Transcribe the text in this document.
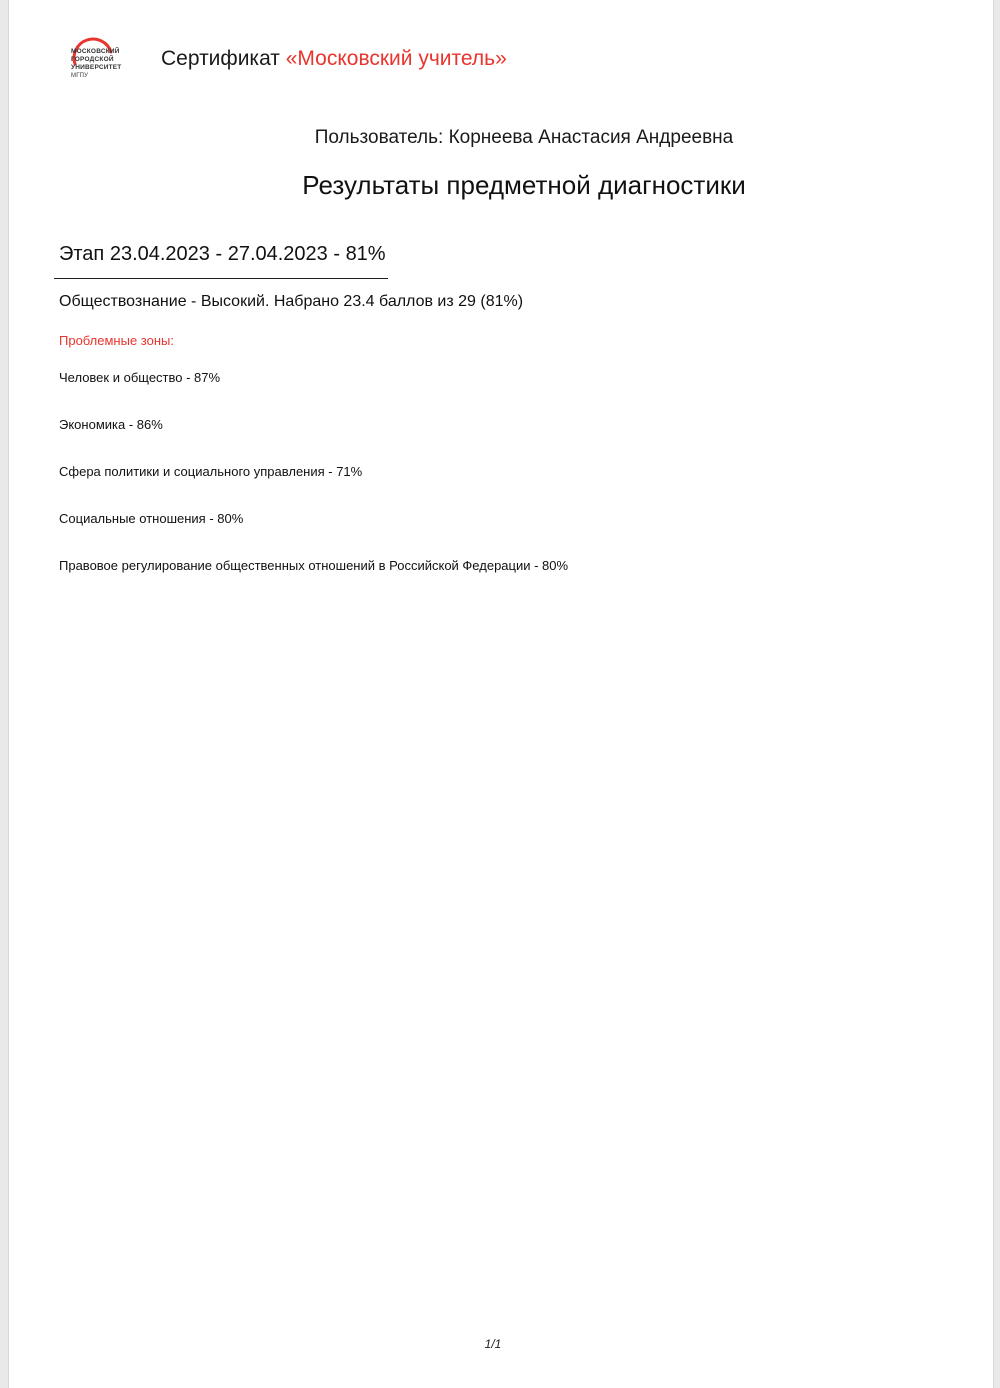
МОСКОВСКИЙ
ГОРОДСКОЙ
УНИВЕРСИТЕТ
МГПУ
Сертификат «Московский учитель»
Пользователь: Корнеева Анастасия Андреевна
Результаты предметной диагностики
Этап 23.04.2023 - 27.04.2023 - 81%
Обществознание - Высокий. Набрано 23.4 баллов из 29 (81%)
Проблемные зоны:
Человек и общество - 87%
Экономика - 86%
Сфера политики и социального управления - 71%
Социальные отношения - 80%
Правовое регулирование общественных отношений в Российской Федерации - 80%
1/1
